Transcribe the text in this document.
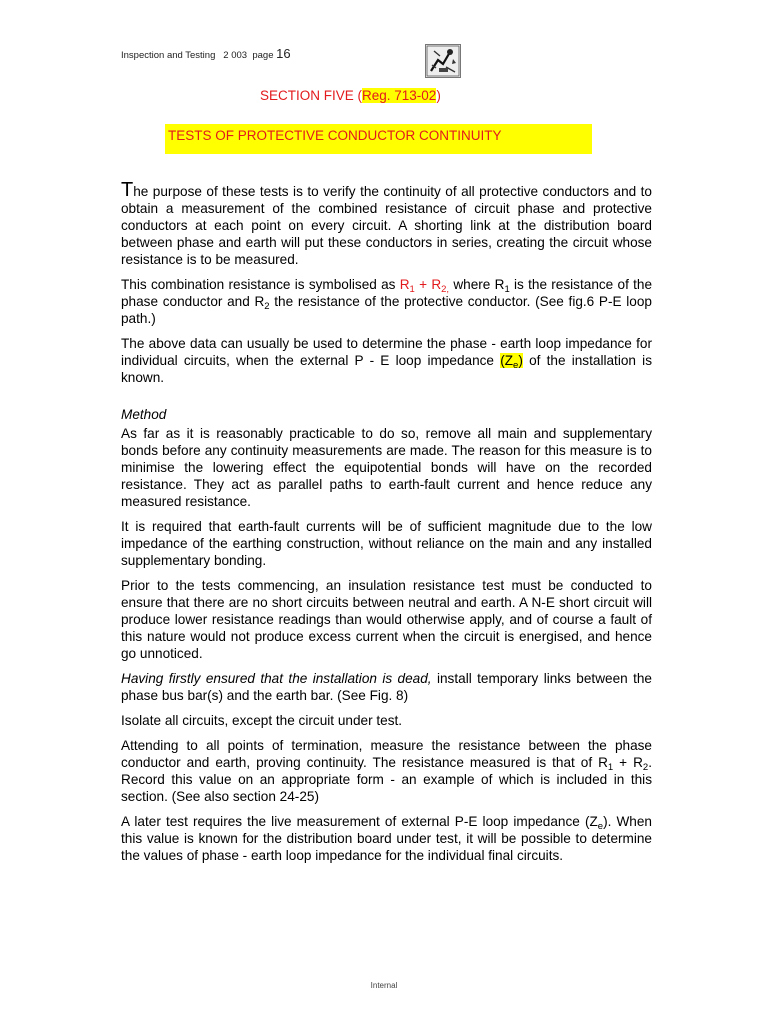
Inspection and Testing 2 003 page 16
SECTION FIVE (Reg. 713-02)
TESTS OF PROTECTIVE CONDUCTOR CONTINUITY

The purpose of these tests is to verify the continuity of all protective conductors and to obtain a measurement of the combined resistance of circuit phase and protective conductors at each point on every circuit. A shorting link at the distribution board between phase and earth will put these conductors in series, creating the circuit whose resistance is to be measured.

This combination resistance is symbolised as $R_1 + R_{2,}$ where $R_1$ is the resistance of the phase conductor and $R_2$ the resistance of the protective conductor. (See fig.6 P-E loop path.)

The above data can usually be used to determine the phase - earth loop impedance for individual circuits, when the external P - E loop impedance $(Z_e)$ of the installation is known.

Method

As far as it is reasonably practicable to do so, remove all main and supplementary bonds before any continuity measurements are made. The reason for this measure is to minimise the lowering effect the equipotential bonds will have on the recorded resistance. They act as parallel paths to earth-fault current and hence reduce any measured resistance.

It is required that earth-fault currents will be of sufficient magnitude due to the low impedance of the earthing construction, without reliance on the main and any installed supplementary bonding.

Prior to the tests commencing, an insulation resistance test must be conducted to ensure that there are no short circuits between neutral and earth. A N-E short circuit will produce lower resistance readings than would otherwise apply, and of course a fault of this nature would not produce excess current when the circuit is energised, and hence go unnoticed.

Having firstly ensured that the installation is dead, install temporary links between the phase bus bar(s) and the earth bar. (See Fig. 8)

Isolate all circuits, except the circuit under test.

Attending to all points of termination, measure the resistance between the phase conductor and earth, proving continuity. The resistance measured is that of $R_1 + R_2$. Record this value on an appropriate form - an example of which is included in this section. (See also section 24-25)

A later test requires the live measurement of external P-E loop impedance $(Z_e)$. When this value is known for the distribution board under test, it will be possible to determine the values of phase - earth loop impedance for the individual final circuits.

Internal
